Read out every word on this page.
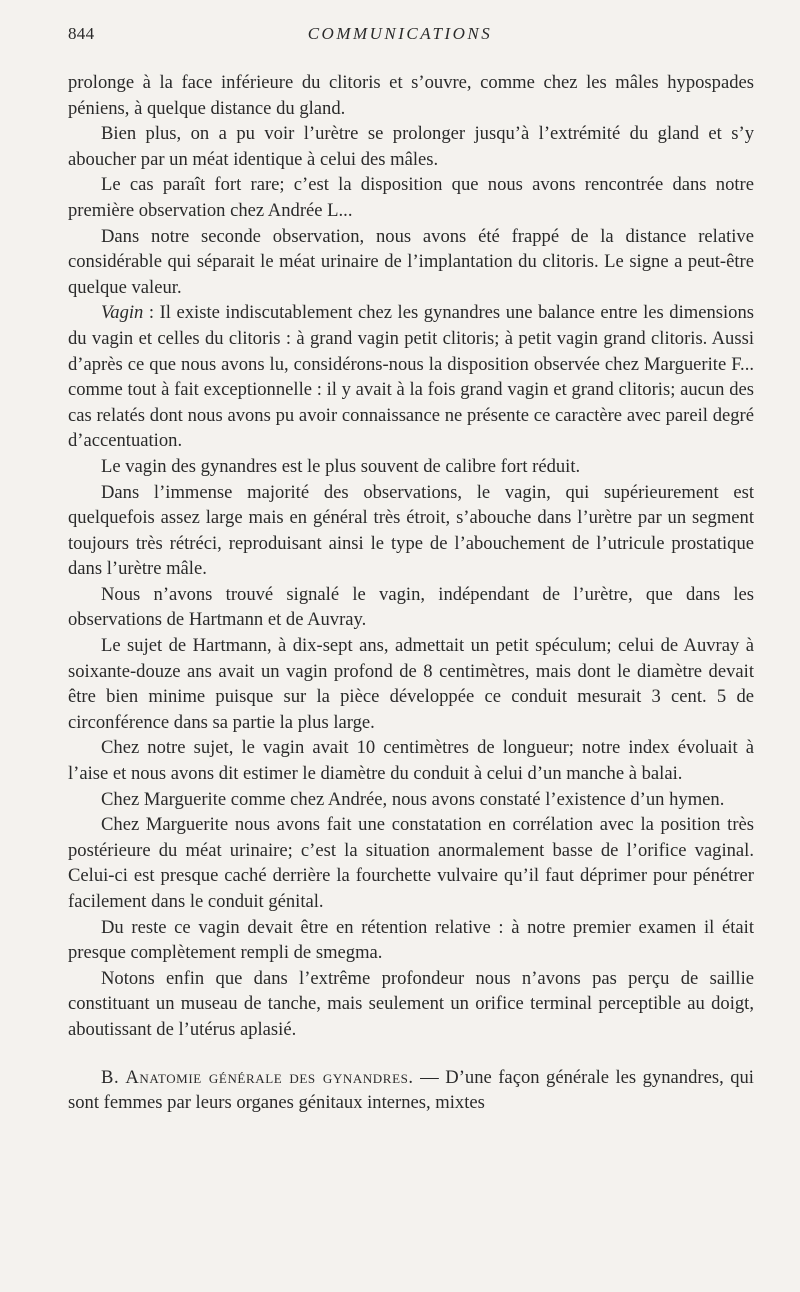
844	COMMUNICATIONS

prolonge à la face inférieure du clitoris et s’ouvre, comme chez les mâles hypospades péniens, à quelque distance du gland.

Bien plus, on a pu voir l’urètre se prolonger jusqu’à l’extrémité du gland et s’y aboucher par un méat identique à celui des mâles.

Le cas paraît fort rare; c’est la disposition que nous avons rencontrée dans notre première observation chez Andrée L...

Dans notre seconde observation, nous avons été frappé de la distance relative considérable qui séparait le méat urinaire de l’implantation du clitoris. Le signe a peut-être quelque valeur.

Vagin : Il existe indiscutablement chez les gynandres une balance entre les dimensions du vagin et celles du clitoris : à grand vagin petit clitoris; à petit vagin grand clitoris. Aussi d’après ce que nous avons lu, considérons-nous la disposition observée chez Marguerite F... comme tout à fait exceptionnelle : il y avait à la fois grand vagin et grand clitoris; aucun des cas relatés dont nous avons pu avoir connaissance ne présente ce caractère avec pareil degré d’accentuation.

Le vagin des gynandres est le plus souvent de calibre fort réduit.

Dans l’immense majorité des observations, le vagin, qui supérieurement est quelquefois assez large mais en général très étroit, s’abouche dans l’urètre par un segment toujours très rétréci, reproduisant ainsi le type de l’abouchement de l’utricule prostatique dans l’urètre mâle.

Nous n’avons trouvé signalé le vagin, indépendant de l’urètre, que dans les observations de Hartmann et de Auvray.

Le sujet de Hartmann, à dix-sept ans, admettait un petit spéculum; celui de Auvray à soixante-douze ans avait un vagin profond de 8 centimètres, mais dont le diamètre devait être bien minime puisque sur la pièce développée ce conduit mesurait 3 cent. 5 de circonférence dans sa partie la plus large.

Chez notre sujet, le vagin avait 10 centimètres de longueur; notre index évoluait à l’aise et nous avons dit estimer le diamètre du conduit à celui d’un manche à balai.

Chez Marguerite comme chez Andrée, nous avons constaté l’existence d’un hymen.

Chez Marguerite nous avons fait une constatation en corrélation avec la position très postérieure du méat urinaire; c’est la situation anormalement basse de l’orifice vaginal. Celui-ci est presque caché derrière la fourchette vulvaire qu’il faut déprimer pour pénétrer facilement dans le conduit génital.

Du reste ce vagin devait être en rétention relative : à notre premier examen il était presque complètement rempli de smegma.

Notons enfin que dans l’extrême profondeur nous n’avons pas perçu de saillie constituant un museau de tanche, mais seulement un orifice terminal perceptible au doigt, aboutissant de l’utérus aplasié.

B. Anatomie générale des gynandres. — D’une façon générale les gynandres, qui sont femmes par leurs organes génitaux internes, mixtes
